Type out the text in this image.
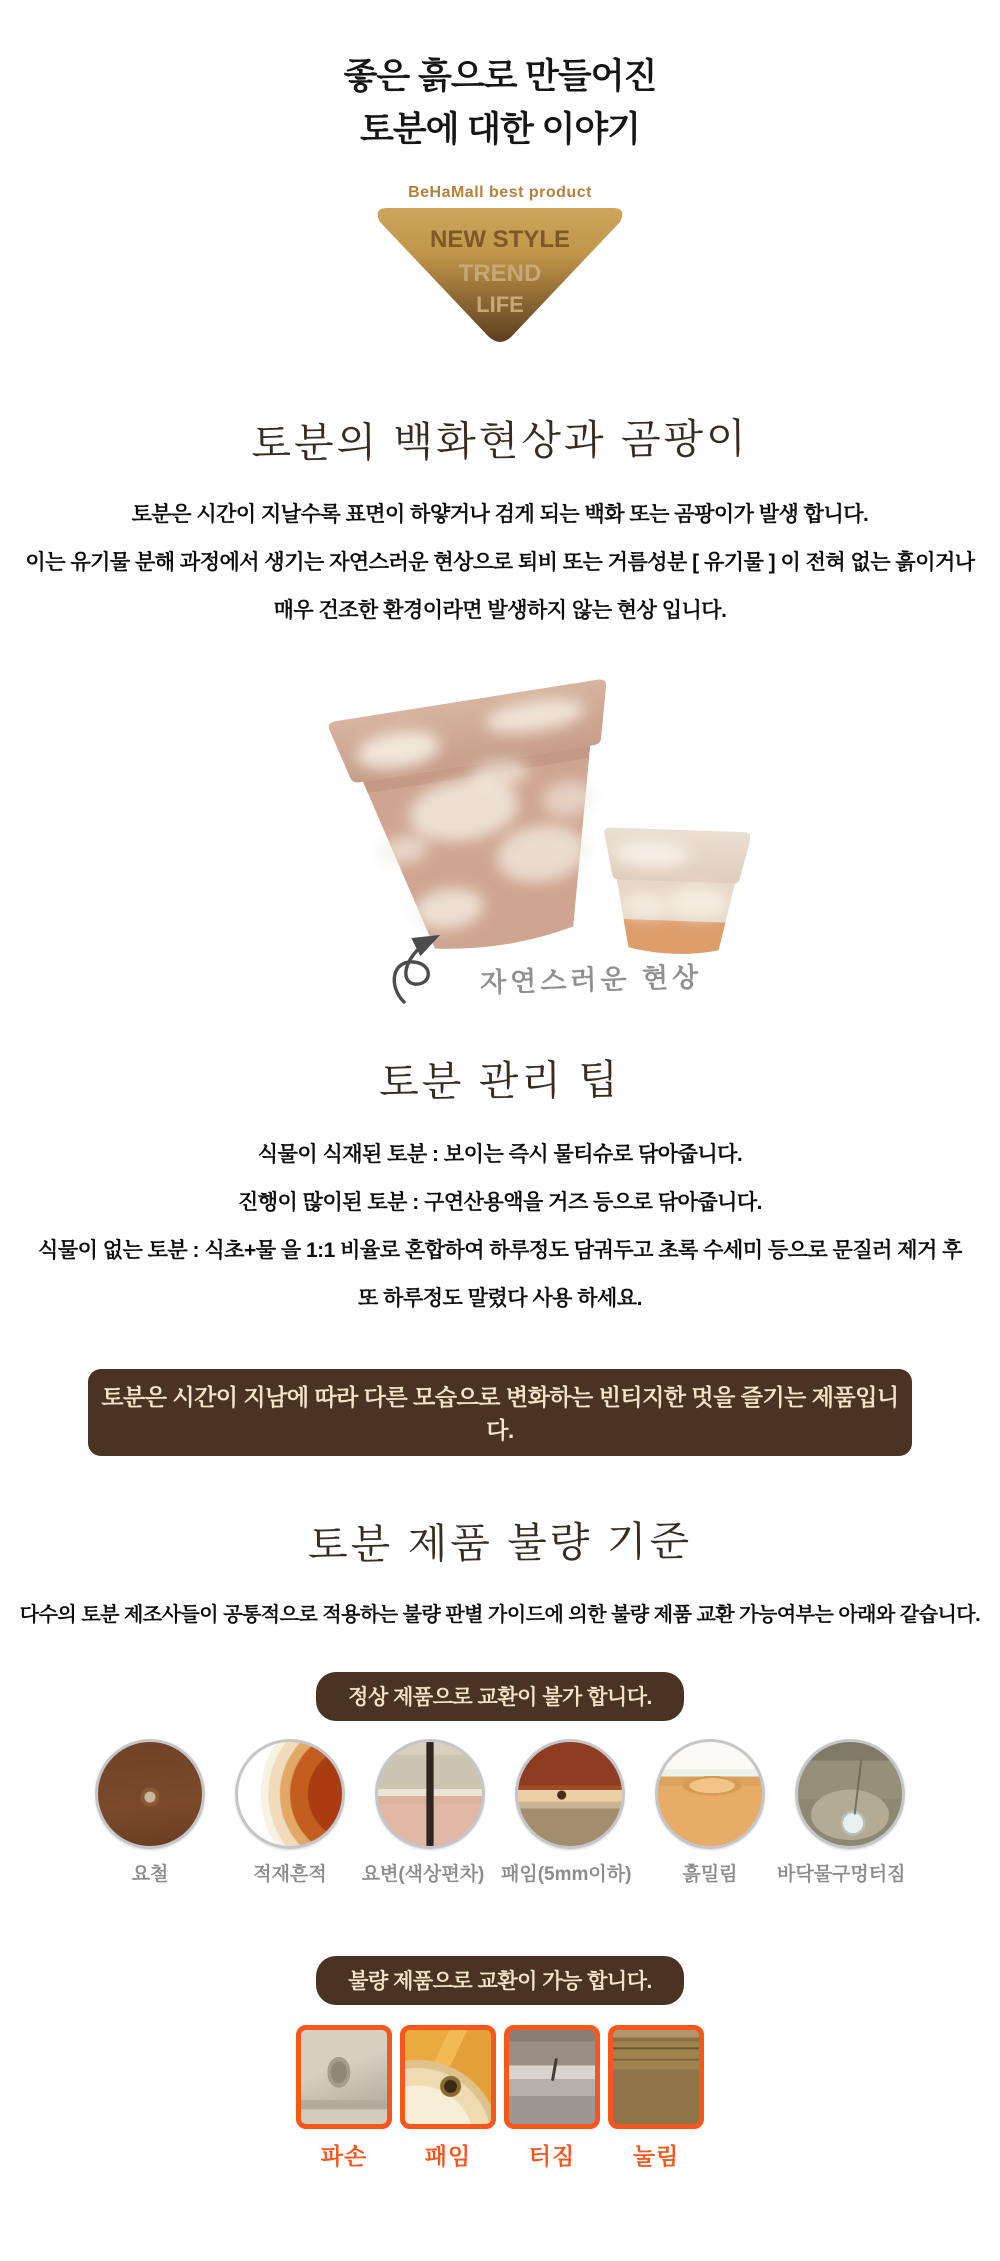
좋은 흙으로 만들어진
토분에 대한 이야기
BeHaMall best product
NEW STYLE
TREND
LIFE
토분의 백화현상과 곰팡이
토분은 시간이 지날수록 표면이 하얗거나 검게 되는 백화 또는 곰팡이가 발생 합니다.
이는 유기물 분해 과정에서 생기는 자연스러운 현상으로 퇴비 또는 거름성분 [ 유기물 ] 이 전혀 없는 흙이거나
매우 건조한 환경이라면 발생하지 않는 현상 입니다.
자연스러운 현상
토분 관리 팁
식물이 식재된 토분 : 보이는 즉시 물티슈로 닦아줍니다.
진행이 많이된 토분 : 구연산용액을 거즈 등으로 닦아줍니다.
식물이 없는 토분 : 식초+물 을 1:1 비율로 혼합하여 하루정도 담궈두고 초록 수세미 등으로 문질러 제거 후
또 하루정도 말렸다 사용 하세요.
토분은 시간이 지남에 따라 다른 모습으로 변화하는 빈티지한 멋을 즐기는 제품입니다.
토분 제품 불량 기준
다수의 토분 제조사들이 공통적으로 적용하는 불량 판별 가이드에 의한 불량 제품 교환 가능여부는 아래와 같습니다.
정상 제품으로 교환이 불가 합니다.
요철	적재흔적	요변(색상편차) 패임(5mm이하)	흙밀림	바닥물구멍터짐
불량 제품으로 교환이 가능 합니다.
파손	패임	터짐	눌림
